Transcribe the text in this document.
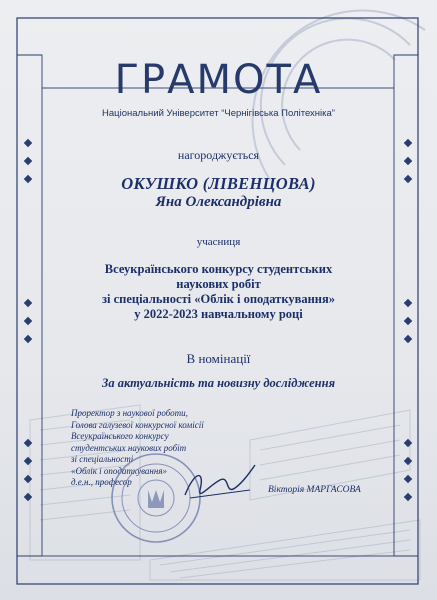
ГРАМОТА
Національний Університет “Чернігівська Політехніка”
нагороджується
ОКУШКО (ЛІВЕНЦОВА)
Яна Олександрівна
учасниця
Всеукраїнського конкурсу студентських
наукових робіт
зі спеціальності «Облік і оподаткування»
у 2022-2023 навчальному році
В номінації
За актуальність та новизну дослідження
Проректор з наукової роботи,
Голова галузевої конкурсної комісії
Всеукраїнського конкурсу
студентських наукових робіт
зі спеціальності
«Облік і оподаткування»
д.е.н., професор
Вікторія МАРГАСОВА
